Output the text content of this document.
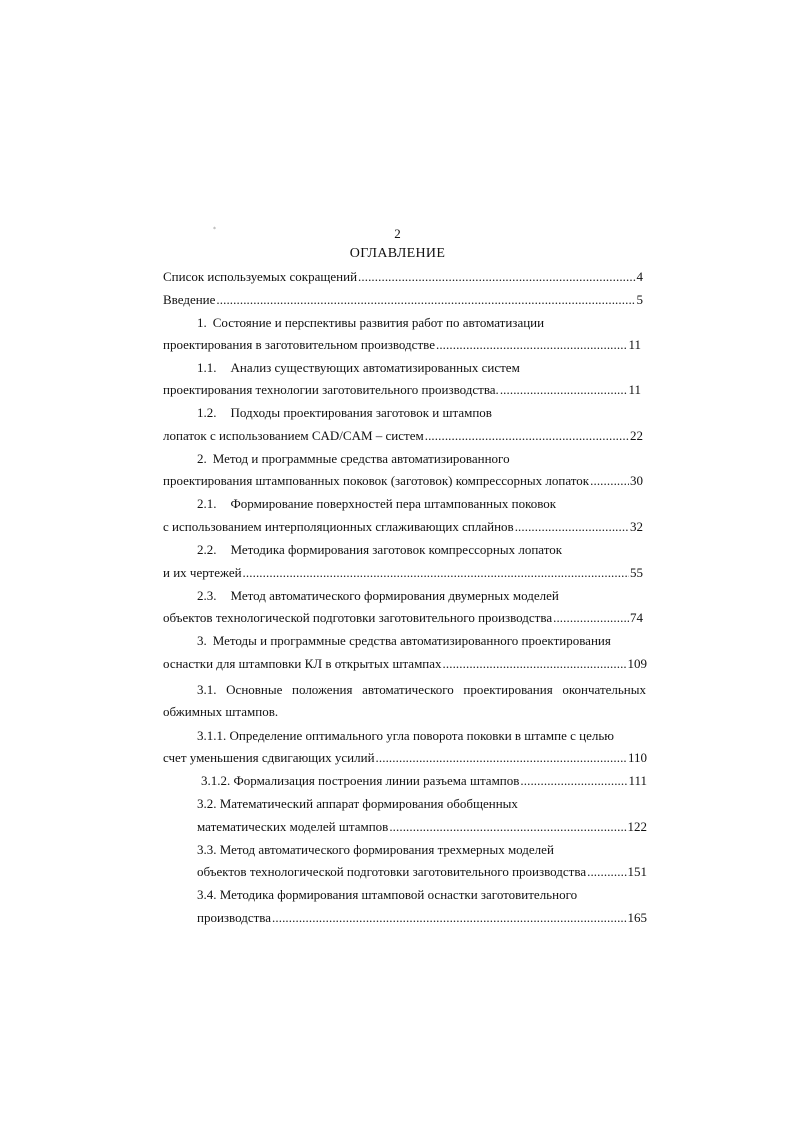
*	2
ОГЛАВЛЕНИЕ
Список используемых сокращений .....	4
Введение .....	5
1. Состояние и перспективы развития работ по автоматизации
проектирования в заготовительном производстве .....	11
1.1. Анализ существующих автоматизированных систем
проектирования технологии заготовительного производства. .....	11
1.2. Подходы проектирования заготовок и штампов
лопаток с использованием CAD/CAM – систем .....	22
2. Метод и программные средства автоматизированного
проектирования штампованных поковок (заготовок) компрессорных лопаток .....	30
2.1. Формирование поверхностей пера штампованных поковок
с использованием интерполяционных сглаживающих сплайнов .....	32
2.2. Методика формирования заготовок компрессорных лопаток
и их чертежей .....	55
2.3. Метод автоматического формирования двумерных моделей
объектов технологической подготовки заготовительного производства .....	74
3. Методы и программные средства автоматизированного проектирования
оснастки для штамповки КЛ в открытых штампах .....	109
3.1. Основные положения автоматического проектирования окончательных
обжимных штампов.
3.1.1. Определение оптимального угла поворота поковки в штампе с целью
счет уменьшения сдвигающих усилий .....	110
3.1.2. Формализация построения линии разъема штампов .....	111
3.2. Математический аппарат формирования обобщенных
математических моделей штампов .....	122
3.3. Метод автоматического формирования трехмерных моделей
объектов технологической подготовки заготовительного производства .....	151
3.4. Методика формирования штамповой оснастки заготовительного
производства .....	165
